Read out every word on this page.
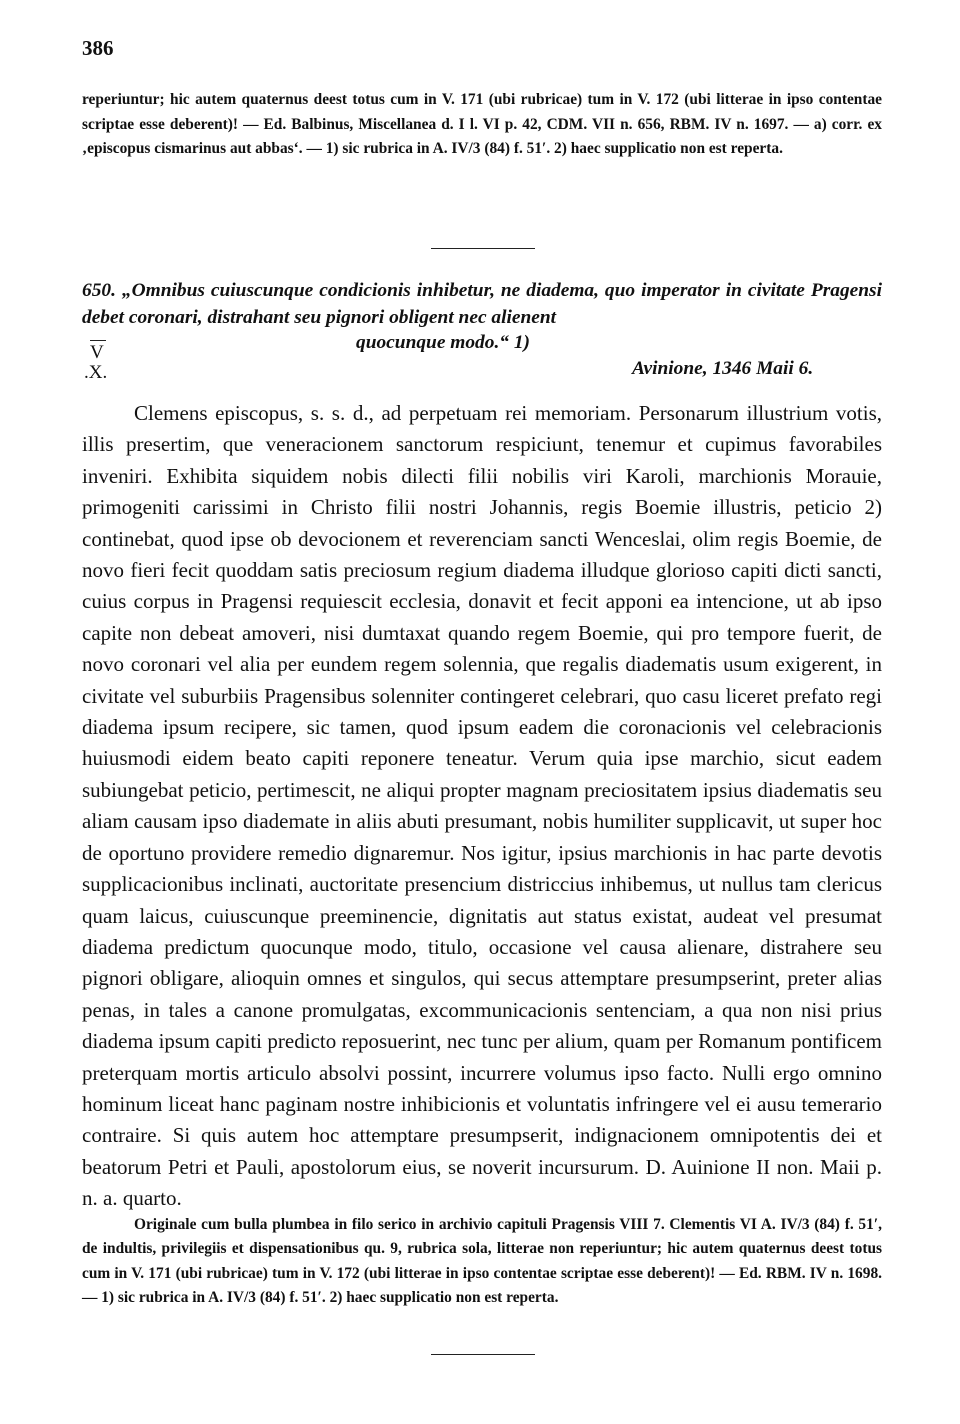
386
reperiuntur; hic autem quaternus deest totus cum in V. 171 (ubi rubricae) tum in V. 172 (ubi litterae in ipso contentae scriptae esse deberent)! — Ed. Balbinus, Miscellanea d. I l. VI p. 42, CDM. VII n. 656, RBM. IV n. 1697. — a) corr. ex ‚episcopus cismarinus aut abbas‘. — 1) sic rubrica in A. IV/3 (84) f. 51′. 2) haec supplicatio non est reperta.
650. „Omnibus cuiuscunque condicionis inhibetur, ne diadema, quo imperator in civitate Pragensi debet coronari, distrahant seu pignori obligent nec alienent
quocunque modo.“ 1)
V
.X.	Avinione, 1346 Maii 6.
Clemens episcopus, s. s. d., ad perpetuam rei memoriam. Personarum illustrium votis, illis presertim, que veneracionem sanctorum respiciunt, tenemur et cupimus favorabiles inveniri. Exhibita siquidem nobis dilecti filii nobilis viri Karoli, marchionis Morauie, primogeniti carissimi in Christo filii nostri Johannis, regis Boemie illustris, peticio 2) continebat, quod ipse ob devocionem et reverenciam sancti Wenceslai, olim regis Boemie, de novo fieri fecit quoddam satis preciosum regium diadema illudque glorioso capiti dicti sancti, cuius corpus in Pragensi requiescit ecclesia, donavit et fecit apponi ea intencione, ut ab ipso capite non debeat amoveri, nisi dumtaxat quando regem Boemie, qui pro tempore fuerit, de novo coronari vel alia per eundem regem solennia, que regalis diadematis usum exigerent, in civitate vel suburbiis Pragensibus solenniter contingeret celebrari, quo casu liceret prefato regi diadema ipsum recipere, sic tamen, quod ipsum eadem die coronacionis vel celebracionis huiusmodi eidem beato capiti reponere teneatur. Verum quia ipse marchio, sicut eadem subiungebat peticio, pertimescit, ne aliqui propter magnam preciositatem ipsius diadematis seu aliam causam ipso diademate in aliis abuti presumant, nobis humiliter supplicavit, ut super hoc de oportuno providere remedio dignaremur. Nos igitur, ipsius marchionis in hac parte devotis supplicacionibus inclinati, auctoritate presencium districcius inhibemus, ut nullus tam clericus quam laicus, cuiuscunque preeminencie, dignitatis aut status existat, audeat vel presumat diadema predictum quocunque modo, titulo, occasione vel causa alienare, distrahere seu pignori obligare, alioquin omnes et singulos, qui secus attemptare presumpserint, preter alias penas, in tales a canone promulgatas, excommunicacionis sentenciam, a qua non nisi prius diadema ipsum capiti predicto reposuerint, nec tunc per alium, quam per Romanum pontificem preterquam mortis articulo absolvi possint, incurrere volumus ipso facto. Nulli ergo omnino hominum liceat hanc paginam nostre inhibicionis et voluntatis infringere vel ei ausu temerario contraire. Si quis autem hoc attemptare presumpserit, indignacionem omnipotentis dei et beatorum Petri et Pauli, apostolorum eius, se noverit incursurum. D. Auinione II non. Maii p. n. a. quarto.
Originale cum bulla plumbea in filo serico in archivio capituli Pragensis VIII 7. Clementis VI A. IV/3 (84) f. 51′, de indultis, privilegiis et dispensationibus qu. 9, rubrica sola, litterae non reperiuntur; hic autem quaternus deest totus cum in V. 171 (ubi rubricae) tum in V. 172 (ubi litterae in ipso contentae scriptae esse deberent)! — Ed. RBM. IV n. 1698. — 1) sic rubrica in A. IV/3 (84) f. 51′. 2) haec supplicatio non est reperta.
